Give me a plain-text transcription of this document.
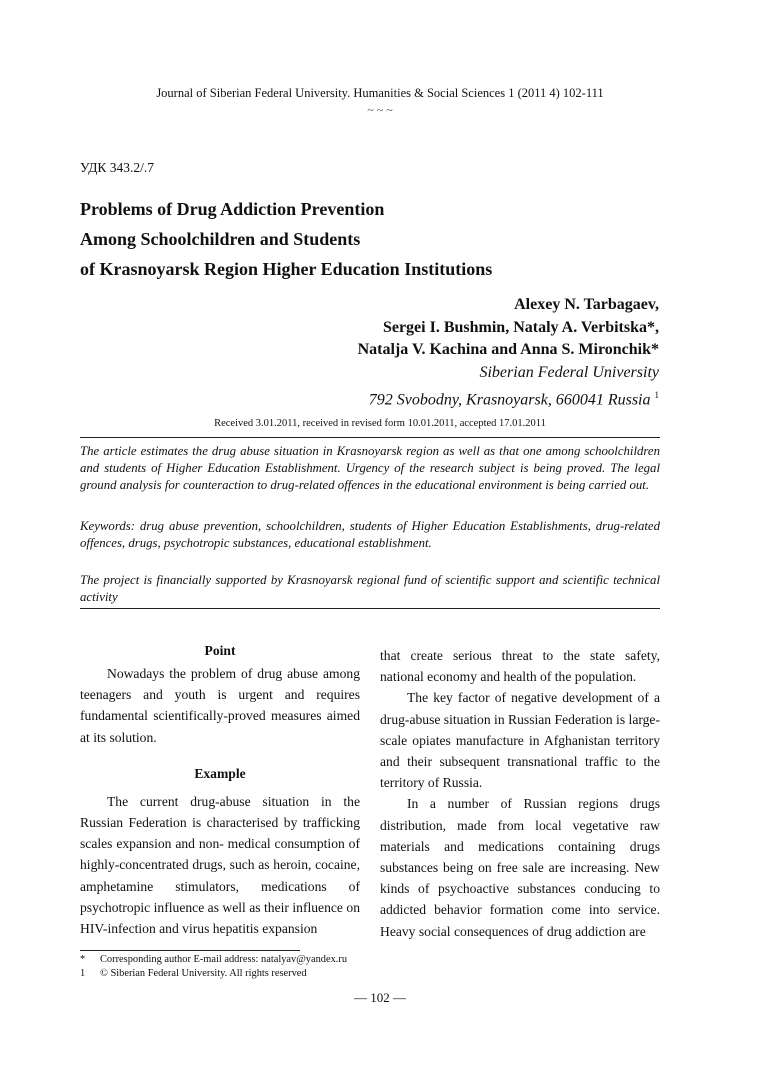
Journal of Siberian Federal University. Humanities & Social Sciences 1 (2011 4) 102-111
~ ~ ~
УДК 343.2/.7
Problems of Drug Addiction Prevention
Among Schoolchildren and Students
of Krasnoyarsk Region Higher Education Institutions
Alexey N. Tarbagaev,
Sergei I. Bushmin, Nataly A. Verbitska*,
Natalja V. Kachina and Anna S. Mironchik*
Siberian Federal University
792 Svobodny, Krasnoyarsk, 660041 Russia $^1$
Received 3.01.2011, received in revised form 10.01.2011, accepted 17.01.2011
The article estimates the drug abuse situation in Krasnoyarsk region as well as that one among schoolchildren and students of Higher Education Establishment. Urgency of the research subject is being proved. The legal ground analysis for counteraction to drug-related offences in the educational environment is being carried out.
Keywords: drug abuse prevention, schoolchildren, students of Higher Education Establishments, drug-related offences, drugs, psychotropic substances, educational establishment.
The project is financially supported by Krasnoyarsk regional fund of scientific support and scientific technical activity
Point

Nowadays the problem of drug abuse among teenagers and youth is urgent and requires fundamental scientifically-proved measures aimed at its solution.

Example

The current drug-abuse situation in the Russian Federation is characterised by trafficking scales expansion and non- medical consumption of highly-concentrated drugs, such as heroin, cocaine, amphetamine stimulators, medications of psychotropic influence as well as their influence on HIV-infection and virus hepatitis expansion

that create serious threat to the state safety, national economy and health of the population.

The key factor of negative development of a drug-abuse situation in Russian Federation is large-scale opiates manufacture in Afghanistan territory and their subsequent transnational traffic to the territory of Russia.

In a number of Russian regions drugs distribution, made from local vegetative raw materials and medications containing drugs substances being on free sale are increasing. New kinds of psychoactive substances conducing to addicted behavior formation come into service. Heavy social consequences of drug addiction are

*	Corresponding author E-mail address: natalyav@yandex.ru
1	© Siberian Federal University. All rights reserved
— 102 —
